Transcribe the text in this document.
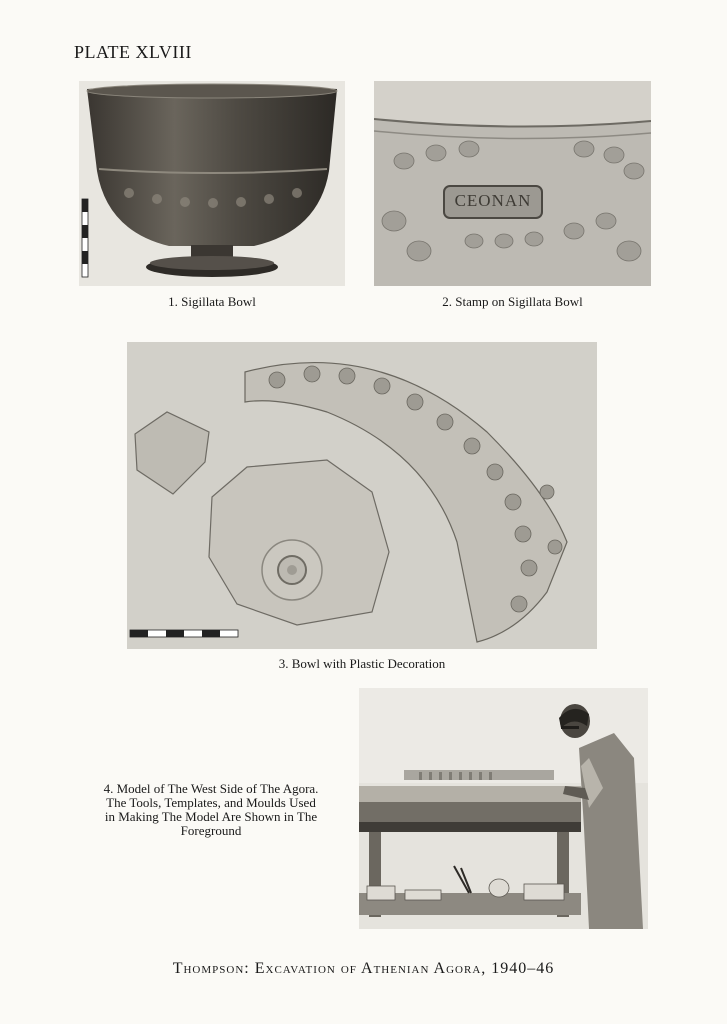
PLATE XLVIII
1. Sigillata Bowl
CEONAN
2. Stamp on Sigillata Bowl
3. Bowl with Plastic Decoration
4. Model of The West Side of The Agora.
The Tools, Templates, and Moulds Used
in Making The Model Are Shown in The
Foreground
Thompson: Excavation of Athenian Agora, 1940–46
